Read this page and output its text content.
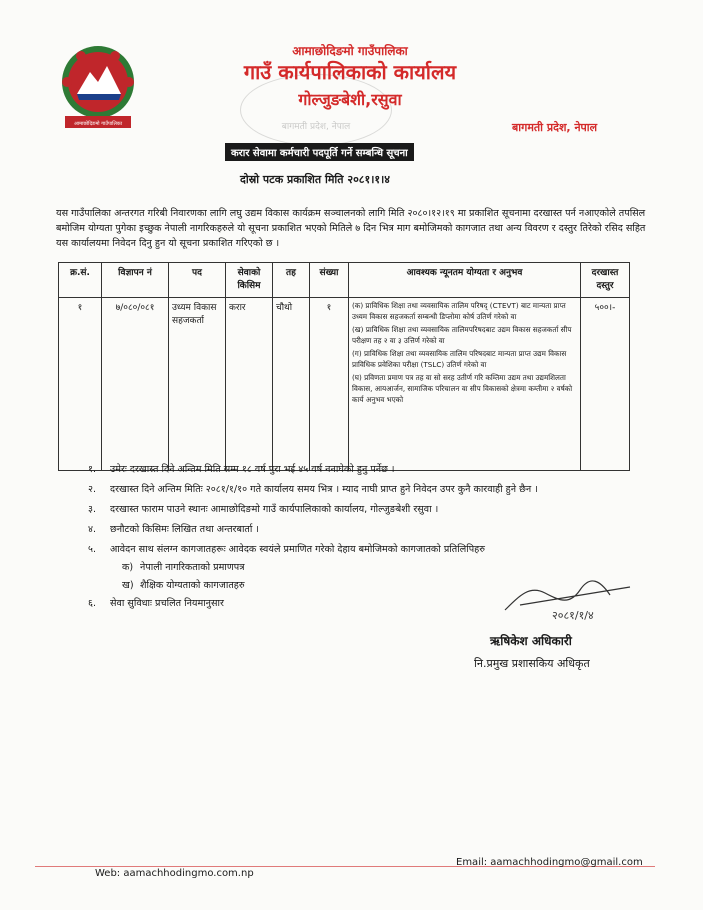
आमाछोदिङमो गाउँपालिका	बागमती प्रदेश, नेपाल
आमाछोदिङमो गाउँपालिका
गाउँ कार्यपालिकाको कार्यालय
गोल्जुङबेशी,रसुवा
बागमती प्रदेश, नेपाल
करार सेवामा कर्मचारी पदपूर्ति गर्ने सम्बन्धि सूचना
दोस्रो पटक प्रकाशित मिति २०८१।१।४
यस गाउँपालिका अन्तरगत गरिबी निवारणका लागि लघु उद्यम विकास कार्यक्रम सञ्चालनको लागि मिति २०८०।१२।१९ मा प्रकाशित सूचनामा दरखास्त पर्न नआएकोले तपसिल बमोजिम योग्यता पुगेका इच्छुक नेपाली नागरिकहरुले यो सूचना प्रकाशित भएको मितिले ७ दिन भित्र माग बमोजिमको कागजात तथा अन्य विवरण र दस्तुर तिरेको रसिद सहित यस कार्यालयमा निवेदन दिनु हुन यो सूचना प्रकाशित गरिएको छ ।
क्र.सं.	विज्ञापन नं	पद	सेवाको किसिम	तह	संख्या	आवश्यक न्यूनतम योग्यता र अनुभव	दरखास्त दस्तुर
१	७/०८०/०८१	उध्यम विकास सहजकर्ता	करार	चौथो	१	(क) प्राविधिक शिक्षा तथा व्यवसायिक तालिम परिषद् (CTEVT) बाट मान्यता प्राप्त उध्यम विकास सहजकर्ता सम्बन्धी डिप्लोमा कोर्ष उतिर्ण गरेको वा

(ख) प्राविधिक शिक्षा तथा व्यवसायिक तालिमपरिषदबाट उद्यम विकास सहजकर्ता सीप परीक्षण तह २ वा ३ उत्तिर्ण गरेको वा

(ग) प्राविधिक शिक्षा तथा व्यवसायिक तालिम परिषदबाट मान्यता प्राप्त उद्यम विकास प्राविधिक प्रवेशिका परीक्षा (TSLC) उतिर्ण गरेको वा

(घ) प्रविणता प्रमाण पत्र तह वा सो सरह उतीर्ण गरि कम्तिमा उद्यम तथा उद्यमशिलता विकास, आयआर्जन, सामाजिक परिचालन वा सीप विकासको क्षेत्रमा कम्तीमा २ वर्षको कार्य अनुभव भएको	५००।-
१.	उमेरः दरखास्त दिने अन्तिम मिति सम्म १८ वर्ष पुरा भई ४५ वर्ष ननाघेको हुनु पर्नेछ ।
२.	दरखास्त दिने अन्तिम मितिः २०८१/१/१० गते कार्यालय समय भित्र । म्याद नाघी प्राप्त हुने निवेदन उपर कुनै कारवाही हुने छैन ।
३.	दरखास्त फाराम पाउने स्थानः आमाछोदिङमो गाउँ कार्यपालिकाको कार्यालय, गोल्जुङबेशी रसुवा ।
४.	छनौटको किसिमः लिखित तथा अन्तरबार्ता ।
५.	आवेदन साथ संलग्न कागजातहरूः आवेदक स्वयंले प्रमाणित गरेको देहाय बमोजिमको कागजातको प्रतिलिपिहरु
क) नेपाली नागरिकताको प्रमाणपत्र
ख) शैक्षिक योग्यताको कागजातहरु
६.	सेवा सुविधाः प्रचलित नियमानुसार
२०८१/१/४
ऋषिकेश अधिकारी
नि.प्रमुख प्रशासकिय अधिकृत
Email: aamachhodingmo@gmail.com
Web: aamachhodingmo.com.np
